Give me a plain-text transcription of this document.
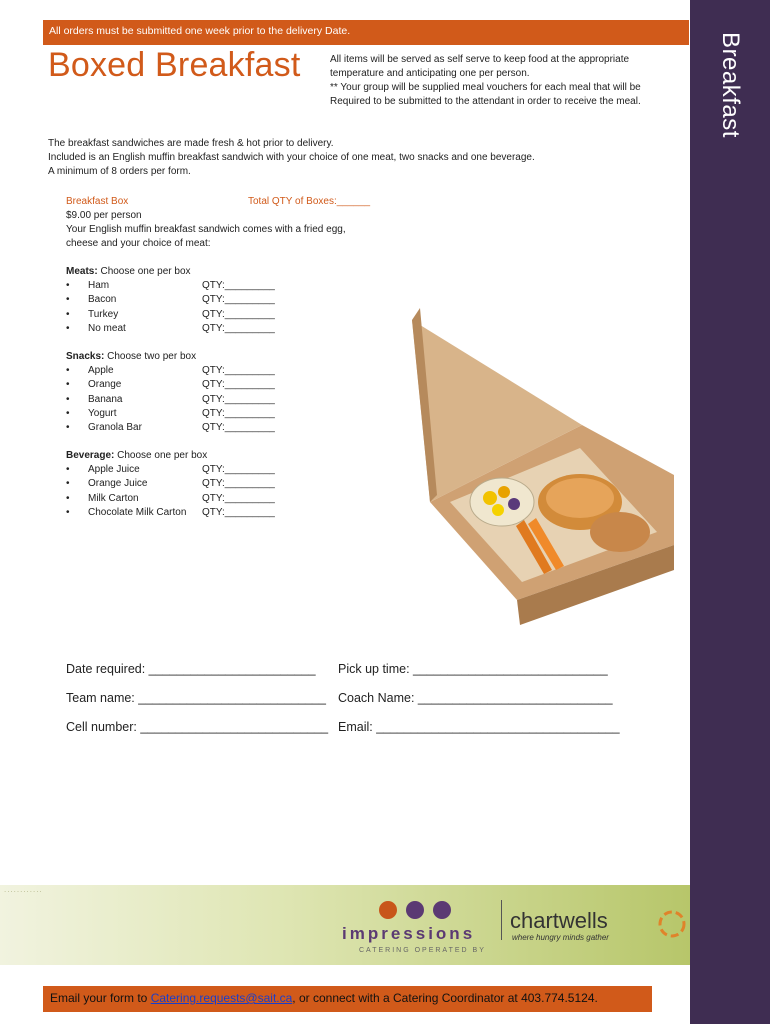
All orders must be submitted one week prior to the delivery Date.
Breakfast
Boxed Breakfast	All items will be served as self serve to keep food at the appropriate
temperature and anticipating one per person.
** Your group will be supplied meal vouchers for each meal that will be
Required to be submitted to the attendant in order to receive the meal.
The breakfast sandwiches are made fresh & hot prior to delivery.
Included is an English muffin breakfast sandwich with your choice of one meat, two snacks and one beverage.
A minimum of 8 orders per form.
Breakfast Box	Total QTY of Boxes:______
$9.00 per person
Your English muffin breakfast sandwich comes with a fried egg,
cheese and your choice of meat:
Meats: Choose one per box
• Ham	QTY:_________
• Bacon	QTY:_________
• Turkey	QTY:_________
• No meat	QTY:_________
Snacks: Choose two per box
• Apple	QTY:_________
• Orange	QTY:_________
• Banana	QTY:_________
• Yogurt	QTY:_________
• Granola Bar	QTY:_________
Beverage: Choose one per box
• Apple Juice	QTY:_________
• Orange Juice	QTY:_________
• Milk Carton	QTY:_________
• Chocolate Milk Carton QTY:_________
Date required: ________________________ Pick up time: ____________________________
Team name: ___________________________ Coach Name: ____________________________
Cell number: ___________________________ Email: ___________________________________
............
impressions
chartwells
where hungry minds gather
CATERING OPERATED BY
Email your form to Catering.requests@sait.ca, or connect with a Catering Coordinator at 403.774.5124.
